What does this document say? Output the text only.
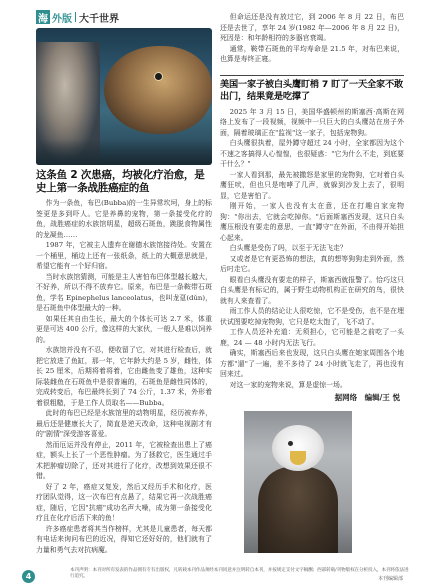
海 外版 大千世界
这条鱼 2 次患癌，均被化疗治愈，是史上第一条战胜癌症的鱼

作为一条鱼，布巴(Bubba)的一生异常坎坷，身上的标签更是多到吓人。它是养鼻的宠物，第一条接受化疗的鱼，战胜癌症的水族馆明星，超级石斑鱼，跳脱食物属性的龙凝鱼……

1987 年，它被主人遗弃在谢德水族馆接待处。安置在一个桶里，桶边上还有一张纸条，纸上的大概意思就是，希望它能有一个好归宿。

当时水族馆猜测，可能是主人害怕布巴体型越长越大，不好养，所以不得不放弃它。原来，布巴是一条鞍带石斑鱼，学名 Epinephelus lanceolatus，也叫龙趸(dǔn)，是石斑鱼中体型最大的一种。

如果任其自由生长，最大的个体长可达 2.7 米，体重更是可达 400 公斤，像这样的大家伙，一般人是难以饲养的。

水族馆并没有不忍，便收留了它，对其进行检查后，就把它放进了鱼缸，那一年，它年龄大约是 5 岁，雌性，体长 25 厘米，后期将着将着，它由雌鱼变了雄鱼，这种实际装雌鱼在石斑鱼中是很普遍的，石斑鱼是雌性同体的，完成转变后，布巴最终长到了 74 公斤，1.37 米，外形着着很粗糙，于是工作人员取名——Bubba。

此时的布巴已经是水族馆里的动物明星，经历被弃养，最后还是健康长大了，简直是逆天改命，这种电视剧才有的"剧情"深受游客喜爱。

然而厄运并没有停止，2011 年，它被检查出患上了癌症，额头上长了一个恶性肿瘤。为了拯救它，医生通过手术把肿瘤切除了，还对其进行了化疗，改想到效果还很不错。

好了 2 年，癌症又复发，然后又经历手术和化疗，医疗团队觉得，这一次布巴有点悬了，结果它再一次战胜癌症，随后，它因"抗癌"成功名声大噪，成为第一条接受化疗且在化疗后活下来的鱼！

许多癌症患者将其当作榜样，尤其是儿童患者，每天都有电话来询问布巴的近况，得知它还好好的，他们就有了力量和勇气去对抗病魔。

但命运还是没有放过它，到 2006 年 8 月 22 日，布巴还是去世了，享年 24 岁(1982 年—2006 年 8 月 22 日)，死因是：和年龄相符的多器官衰竭。

通常，鞍带石斑鱼的平均寿命是 21.5 年，对布巴来说，也算是寿终正寝。

美国一家子被白头鹰盯梢 7 盯了一天全家不敢出门，结果竟是吃撑了

2025 年 3 月 15 日，美国华盛顿州的斯塞西·高斯在网络上发布了一段视频，视频中一只巨大的白头鹰站在房子外面，隔着玻璃正在"监视"这一家子，包括宠物狗。

白头鹰很执着，屋外蹲守超过 24 小时，全家都因为这个不速之客搞得人心惶惶，也很疑惑："它为什么不走，到底要干什么？"

一家人看到那，最先被撒怒是家里的宠物狗，它对着白头鹰狂吠，但也只是咆哮了几声，就躲到沙发上去了，很明显，它是害怕了。

刚开始，一家人也没有太在意，还在打趣自家宠物狗："你出去，它就会吃掉你。"后面斯塞西发现，这只白头鹰压根没有要走的意思，一直"蹲守"在外面，不由得开始担心起来。

白头鹰是受伤了吗，以至于无法飞走？

又或者是它有更恐怖的想法，真的想等狗狗走到外面，然后叼走它。

眼看白头鹰没有要走的样子，斯塞西就报警了。恰巧这只白头鹰是有标记的，属于野生动物机构正在研究的鸟，很快就有人来查看了。

雨工作人员的结论让人很吃惊，它不是受伤，也不是在埋伏试图要吃掉宠物狗，它只是吃太饱了，飞不动了。

工作人员还补充道：无须担心，它可能是之前吃了一头鹿，24 — 48 小时内无法飞行。

确实，斯塞西后来也发现，这只白头鹰在她家周围各个地方都"遛"了一遍，差不多待了 24 小时就飞走了，再也没有回来过。

对这一家的宠物来说，算是虚惊一场。

据网络　编辑/王 悦
4
本刊声明：本刊对所有发表的作品拥有专有出版权，凡转载本刊作品须经本刊同意并注明转自本刊，并按规定支付文字稿酬；西部转载/刊物版权在分析投入，本刊将依法进行追究。	本刊编辑部
